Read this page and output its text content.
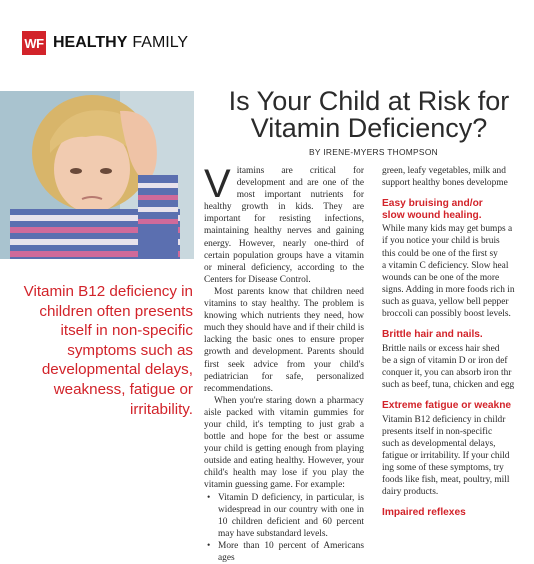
WF HEALTHY FAMILY
Vitamin B12 deficiency in children often presents itself in non-specific symptoms such as developmental delays, weakness, fatigue or irritability.
Is Your Child at Risk for
Vitamin Deficiency?
BY IRENE-MYERS THOMPSON

Vitamins are critical for development and are one of the most important nutrients for healthy growth in kids. They are important for resisting infections, maintaining healthy nerves and gaining energy. However, nearly one-third of certain population groups have a vitamin or mineral deficiency, according to the Centers for Disease Control.

Most parents know that children need vitamins to stay healthy. The problem is knowing which nutrients they need, how much they should have and if their child is lacking the basic ones to ensure proper growth and development. Parents should first seek advice from your child's pediatrician for safe, personalized recommendations.

When you're staring down a pharmacy aisle packed with vitamin gummies for your child, it's tempting to just grab a bottle and hope for the best or assume your child is getting enough from playing outside and eating healthy. However, your child's health may lose if you play the vitamin guessing game. For example:

• Vitamin D deficiency, in particular, is widespread in our country with one in 10 children deficient and 60 percent may have substandard levels.
• More than 10 percent of Americans ages
green, leafy vegetables, milk and
support healthy bones developme
Easy bruising and/or
slow wound healing.
While many kids may get bumps a
if you notice your child is bruis
this could be one of the first sy
a vitamin C deficiency. Slow heal
wounds can be one of the more
signs. Adding in more foods rich in
such as guava, yellow bell pepper
broccoli can possibly boost levels.
Brittle hair and nails.
Brittle nails or excess hair shed
be a sign of vitamin D or iron def
conquer it, you can absorb iron thr
such as beef, tuna, chicken and egg
Extreme fatigue or weakne
Vitamin B12 deficiency in childr
presents itself in non-specific
such as developmental delays,
fatigue or irritability. If your child
ing some of these symptoms, try
foods like fish, meat, poultry, mill
dairy products.
Impaired reflexes
